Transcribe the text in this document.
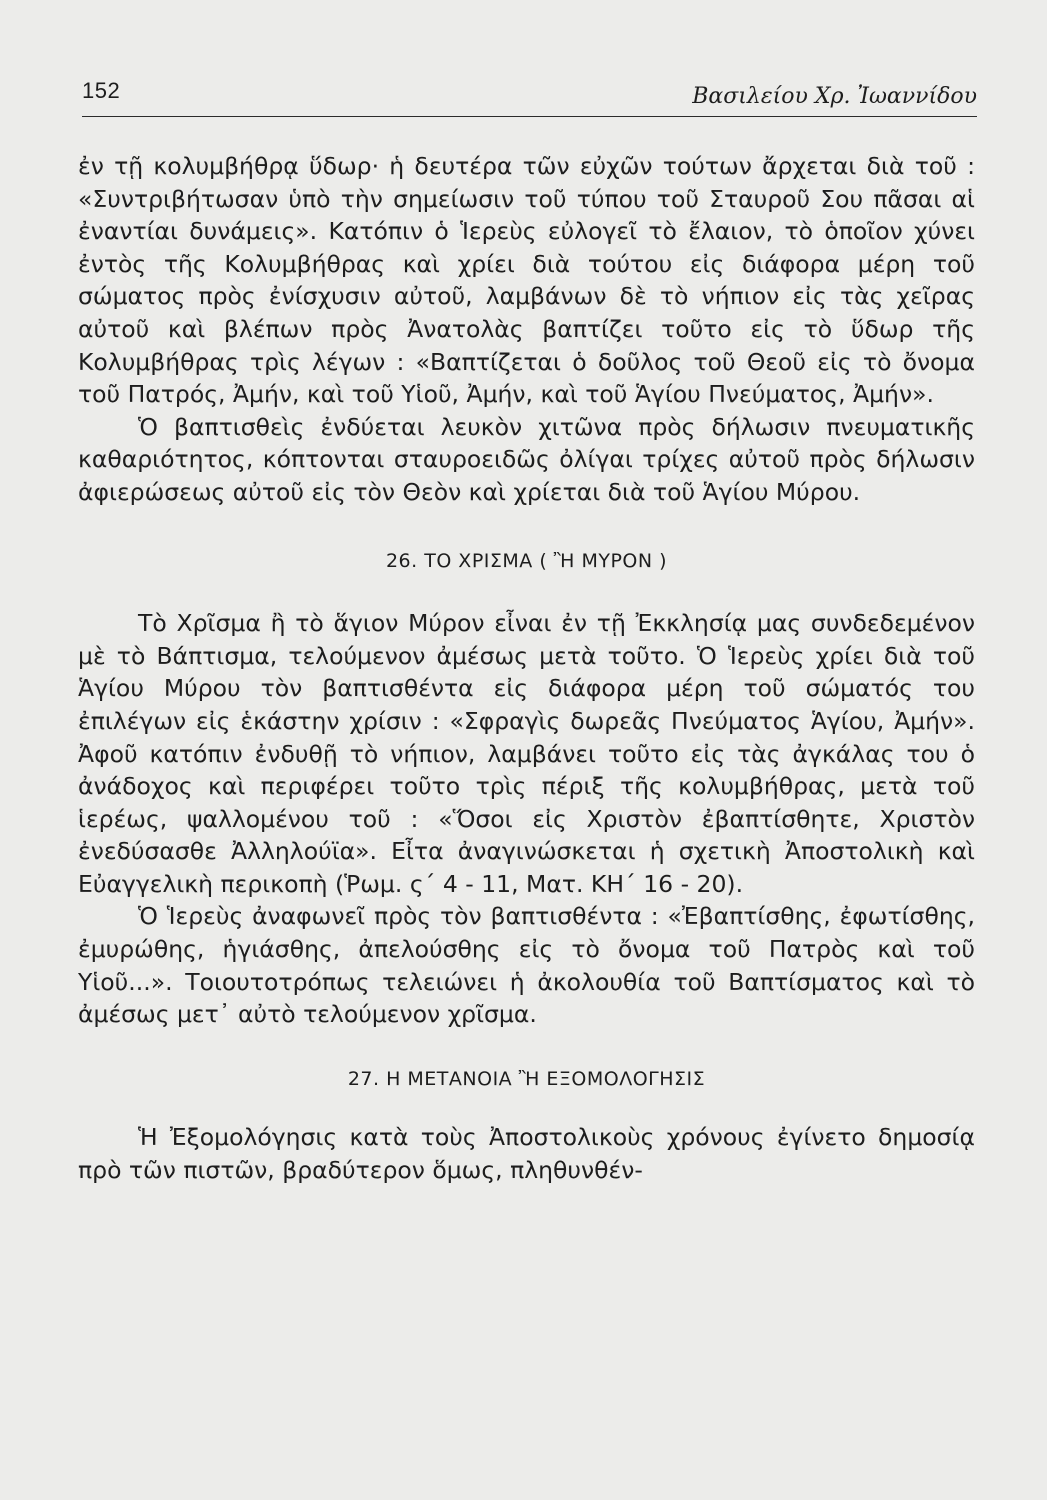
152	Βασιλείου Χρ. Ἰωαννίδου

ἐν τῇ κολυμβήθρᾳ ὕδωρ· ἡ δευτέρα τῶν εὐχῶν τούτων ἄρχεται διὰ τοῦ : «Συντριβήτωσαν ὑπὸ τὴν σημείωσιν τοῦ τύπου τοῦ Σταυροῦ Σου πᾶσαι αἱ ἐναντίαι δυνάμεις». Κατόπιν ὁ Ἱερεὺς εὐλογεῖ τὸ ἔλαιον, τὸ ὁποῖον χύνει ἐντὸς τῆς Κολυμβήθρας καὶ χρίει διὰ τούτου εἰς διάφορα μέρη τοῦ σώματος πρὸς ἐνίσχυσιν αὐτοῦ, λαμβάνων δὲ τὸ νήπιον εἰς τὰς χεῖρας αὐτοῦ καὶ βλέπων πρὸς Ἀνατολὰς βαπτίζει τοῦτο εἰς τὸ ὕδωρ τῆς Κολυμβήθρας τρὶς λέγων : «Βαπτίζεται ὁ δοῦλος τοῦ Θεοῦ εἰς τὸ ὄνομα τοῦ Πατρός, Ἀμήν, καὶ τοῦ Υἱοῦ, Ἀμήν, καὶ τοῦ Ἁγίου Πνεύματος, Ἀμήν».

Ὁ βαπτισθεὶς ἐνδύεται λευκὸν χιτῶνα πρὸς δήλωσιν πνευματικῆς καθαριότητος, κόπτονται σταυροειδῶς ὀλίγαι τρίχες αὐτοῦ πρὸς δήλωσιν ἀφιερώσεως αὐτοῦ εἰς τὸν Θεὸν καὶ χρίεται διὰ τοῦ Ἁγίου Μύρου.

26. ΤΟ ΧΡΙΣΜΑ ( Ἢ ΜΥΡΟΝ )

Τὸ Χρῖσμα ἢ τὸ ἅγιον Μύρον εἶναι ἐν τῇ Ἐκκλησίᾳ μας συνδεδεμένον μὲ τὸ Βάπτισμα, τελούμενον ἀμέσως μετὰ τοῦτο. Ὁ Ἱερεὺς χρίει διὰ τοῦ Ἁγίου Μύρου τὸν βαπτισθέντα εἰς διάφορα μέρη τοῦ σώματός του ἐπιλέγων εἰς ἑκάστην χρίσιν : «Σφραγὶς δωρεᾶς Πνεύματος Ἁγίου, Ἀμήν». Ἀφοῦ κατόπιν ἐνδυθῇ τὸ νήπιον, λαμβάνει τοῦτο εἰς τὰς ἀγκάλας του ὁ ἀνάδοχος καὶ περιφέρει τοῦτο τρὶς πέριξ τῆς κολυμβήθρας, μετὰ τοῦ ἱερέως, ψαλλομένου τοῦ : «Ὅσοι εἰς Χριστὸν ἐβαπτίσθητε, Χριστὸν ἐνεδύσασθε Ἀλληλούϊα». Εἶτα ἀναγινώσκεται ἡ σχετικὴ Ἀποστολικὴ καὶ Εὐαγγελικὴ περικοπὴ (Ῥωμ. ς΄ 4 - 11, Ματ. ΚΗ΄ 16 - 20).

Ὁ Ἱερεὺς ἀναφωνεῖ πρὸς τὸν βαπτισθέντα : «Ἐβαπτίσθης, ἐφωτίσθης, ἐμυρώθης, ἡγιάσθης, ἀπελούσθης εἰς τὸ ὄνομα τοῦ Πατρὸς καὶ τοῦ Υἱοῦ...». Τοιουτοτρόπως τελειώνει ἡ ἀκολουθία τοῦ Βαπτίσματος καὶ τὸ ἀμέσως μετ᾽ αὐτὸ τελούμενον χρῖσμα.

27. Η ΜΕΤΑΝΟΙΑ Ἢ ΕΞΟΜΟΛΟΓΗΣΙΣ

Ἡ Ἐξομολόγησις κατὰ τοὺς Ἀποστολικοὺς χρόνους ἐγίνετο δημοσίᾳ πρὸ τῶν πιστῶν, βραδύτερον ὅμως, πληθυνθέν-
